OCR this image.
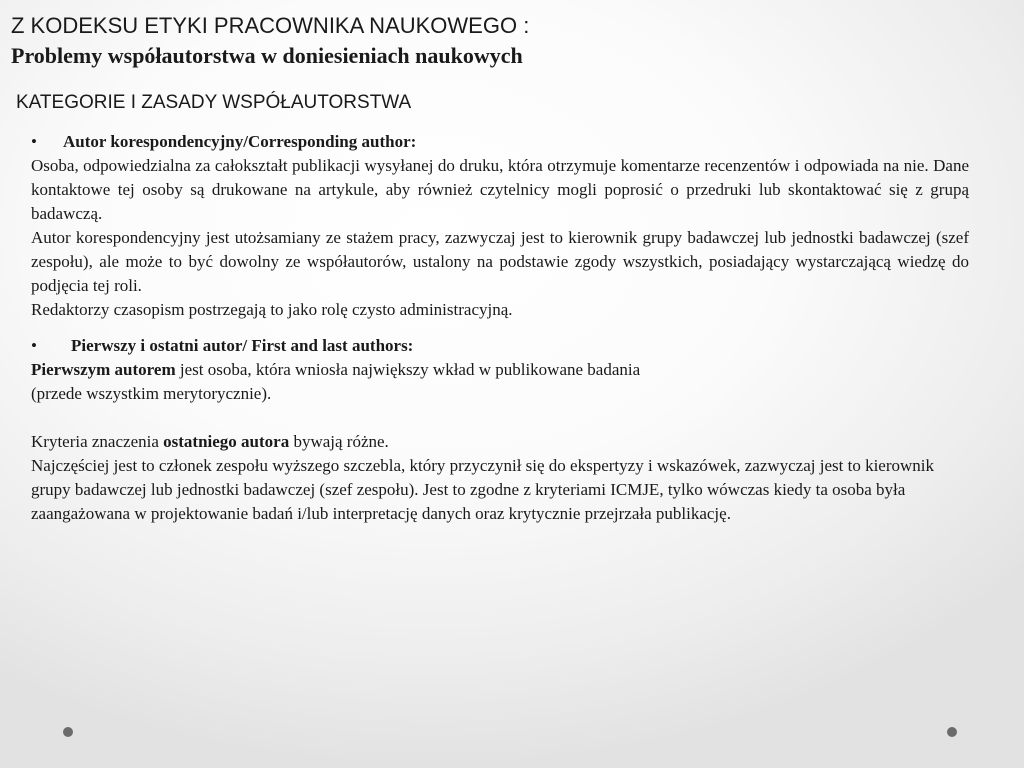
Z KODEKSU ETYKI PRACOWNIKA NAUKOWEGO :
Problemy współautorstwa w doniesieniach naukowych
KATEGORIE I ZASADY WSPÓŁAUTORSTWA
•	Autor korespondencyjny/Corresponding author:

Osoba, odpowiedzialna za całokształt publikacji wysyłanej do druku, która otrzymuje komentarze recenzentów i odpowiada na nie. Dane kontaktowe tej osoby są drukowane na artykule, aby również czytelnicy mogli poprosić o przedruki lub skontaktować się z grupą badawczą.

Autor korespondencyjny jest utożsamiany ze stażem pracy, zazwyczaj jest to kierownik grupy badawczej lub jednostki badawczej (szef zespołu), ale może to być dowolny ze współautorów, ustalony na podstawie zgody wszystkich, posiadający wystarczającą wiedzę do podjęcia tej roli.

Redaktorzy czasopism postrzegają to jako rolę czysto administracyjną.

•	Pierwszy i ostatni autor/ First and last authors:

Pierwszym autorem jest osoba, która wniosła największy wkład w publikowane badania

(przede wszystkim merytorycznie).

Kryteria znaczenia ostatniego autora bywają różne.

Najczęściej jest to członek zespołu wyższego szczebla, który przyczynił się do ekspertyzy i wskazówek, zazwyczaj jest to kierownik grupy badawczej lub jednostki badawczej (szef zespołu). Jest to zgodne z kryteriami ICMJE, tylko wówczas kiedy ta osoba była zaangażowana w projektowanie badań i/lub interpretację danych oraz krytycznie przejrzała publikację.
